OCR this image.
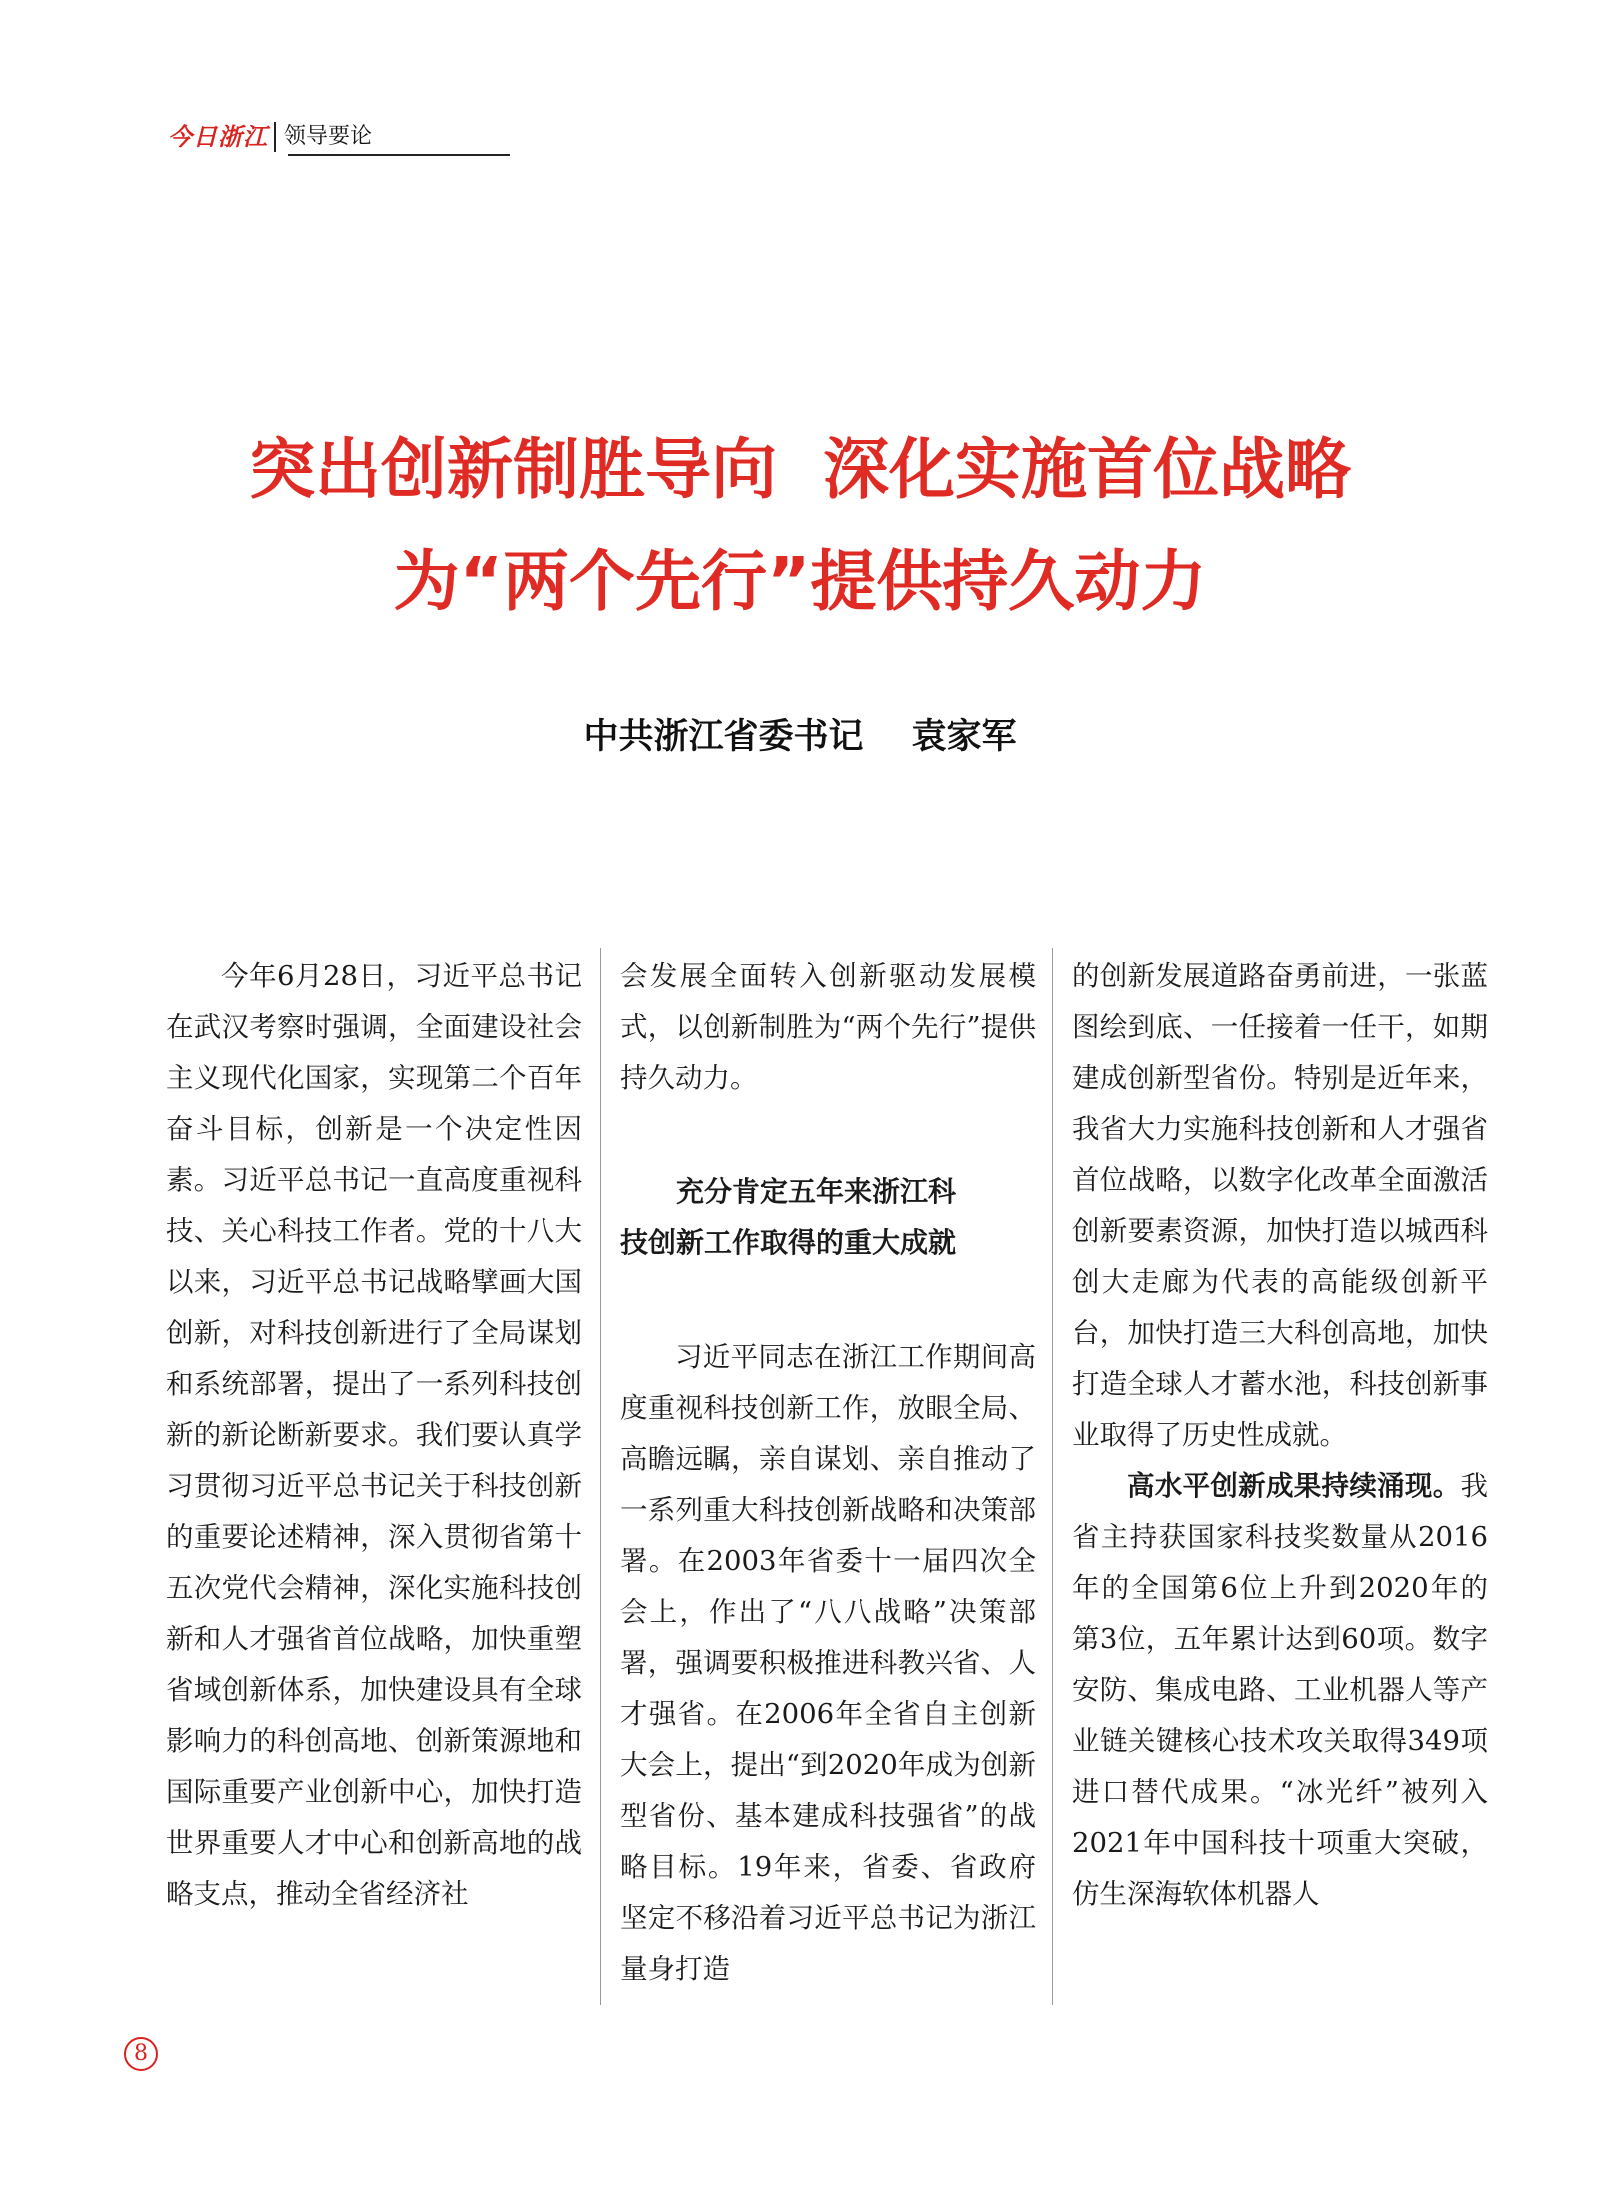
今日浙江 领导要论
突出创新制胜导向  深化实施首位战略
为“两个先行”提供持久动力
中共浙江省委书记 袁家军

今年6月28日，习近平总书记在武汉考察时强调，全面建设社会主义现代化国家，实现第二个百年奋斗目标，创新是一个决定性因素。习近平总书记一直高度重视科技、关心科技工作者。党的十八大以来，习近平总书记战略擘画大国创新，对科技创新进行了全局谋划和系统部署，提出了一系列科技创新的新论断新要求。我们要认真学习贯彻习近平总书记关于科技创新的重要论述精神，深入贯彻省第十五次党代会精神，深化实施科技创新和人才强省首位战略，加快重塑省域创新体系，加快建设具有全球影响力的科创高地、创新策源地和国际重要产业创新中心，加快打造世界重要人才中心和创新高地的战略支点，推动全省经济社

会发展全面转入创新驱动发展模式，以创新制胜为“两个先行”提供持久动力。

充分肯定五年来浙江科
技创新工作取得的重大成就

习近平同志在浙江工作期间高度重视科技创新工作，放眼全局、高瞻远瞩，亲自谋划、亲自推动了一系列重大科技创新战略和决策部署。在2003年省委十一届四次全会上，作出了“八八战略”决策部署，强调要积极推进科教兴省、人才强省。在2006年全省自主创新大会上，提出“到2020年成为创新型省份、基本建成科技强省”的战略目标。19年来，省委、省政府坚定不移沿着习近平总书记为浙江量身打造

的创新发展道路奋勇前进，一张蓝图绘到底、一任接着一任干，如期建成创新型省份。特别是近年来，我省大力实施科技创新和人才强省首位战略，以数字化改革全面激活创新要素资源，加快打造以城西科创大走廊为代表的高能级创新平台，加快打造三大科创高地，加快打造全球人才蓄水池，科技创新事业取得了历史性成就。

高水平创新成果持续涌现。我省主持获国家科技奖数量从2016年的全国第6位上升到2020年的第3位，五年累计达到60项。数字安防、集成电路、工业机器人等产业链关键核心技术攻关取得349项进口替代成果。“冰光纤”被列入2021年中国科技十项重大突破，仿生深海软体机器人

8
